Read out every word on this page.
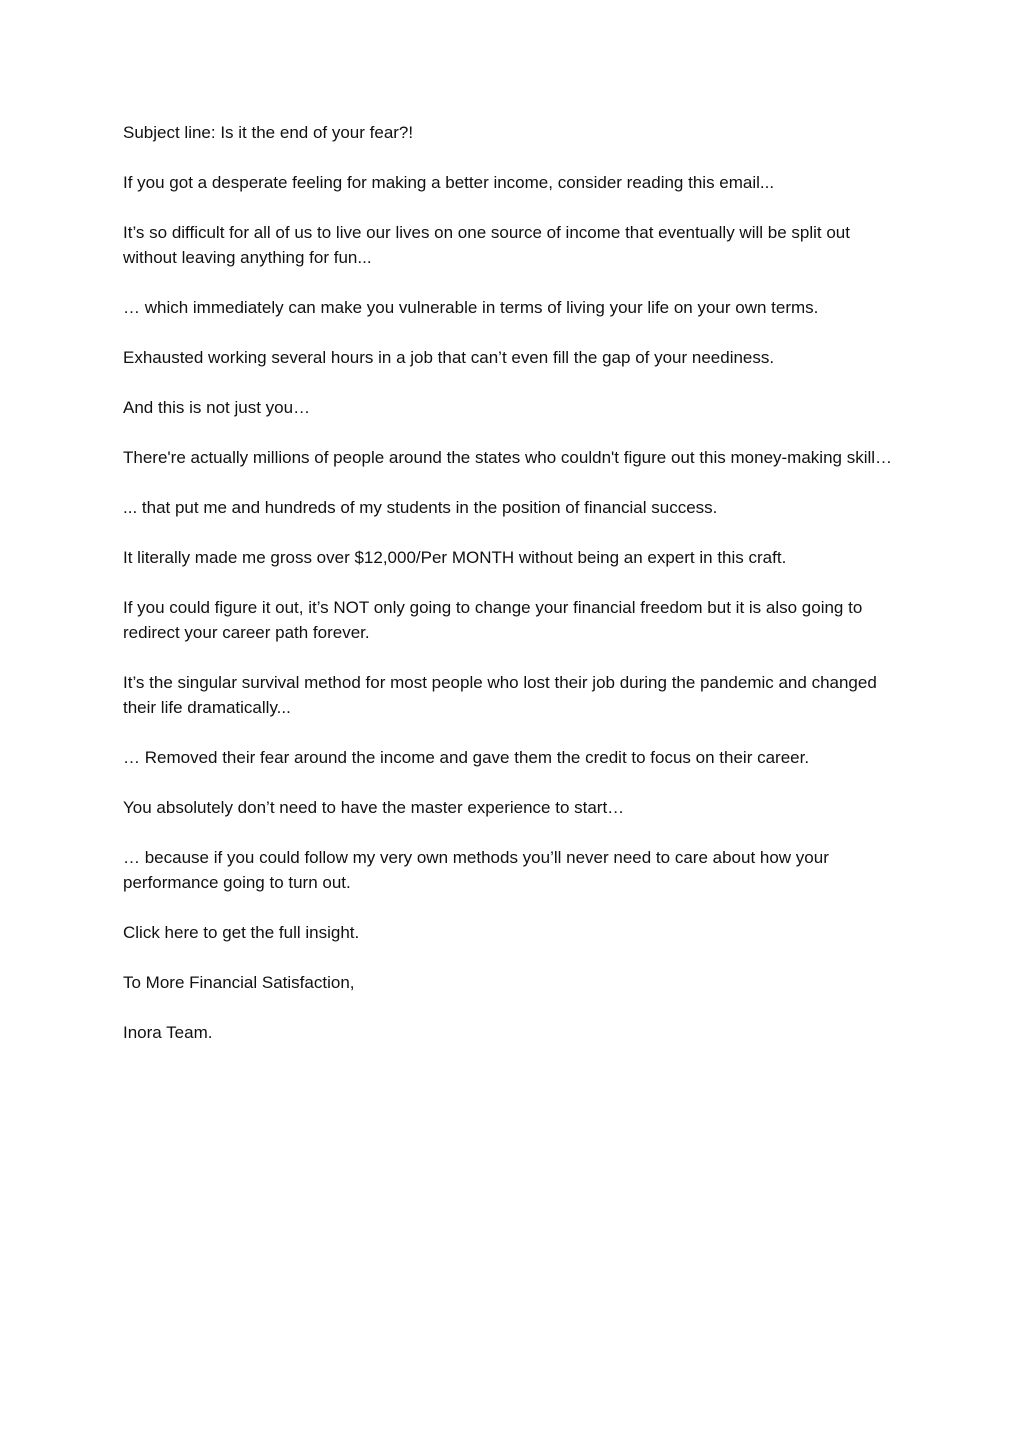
Subject line: Is it the end of your fear?!

If you got a desperate feeling for making a better income, consider reading this email...

It’s so difficult for all of us to live our lives on one source of income that eventually will be split out without leaving anything for fun...

… which immediately can make you vulnerable in terms of living your life on your own terms.

Exhausted working several hours in a job that can’t even fill the gap of your neediness.

And this is not just you…

There're actually millions of people around the states who couldn't figure out this money-making skill…

... that put me and hundreds of my students in the position of financial success.

It literally made me gross over $12,000/Per MONTH without being an expert in this craft.

If you could figure it out, it’s NOT only going to change your financial freedom but it is also going to redirect your career path forever.

It’s the singular survival method for most people who lost their job during the pandemic and changed their life dramatically...

… Removed their fear around the income and gave them the credit to focus on their career.

You absolutely don’t need to have the master experience to start…

… because if you could follow my very own methods you’ll never need to care about how your performance going to turn out.

Click here to get the full insight.

To More Financial Satisfaction,

Inora Team.
